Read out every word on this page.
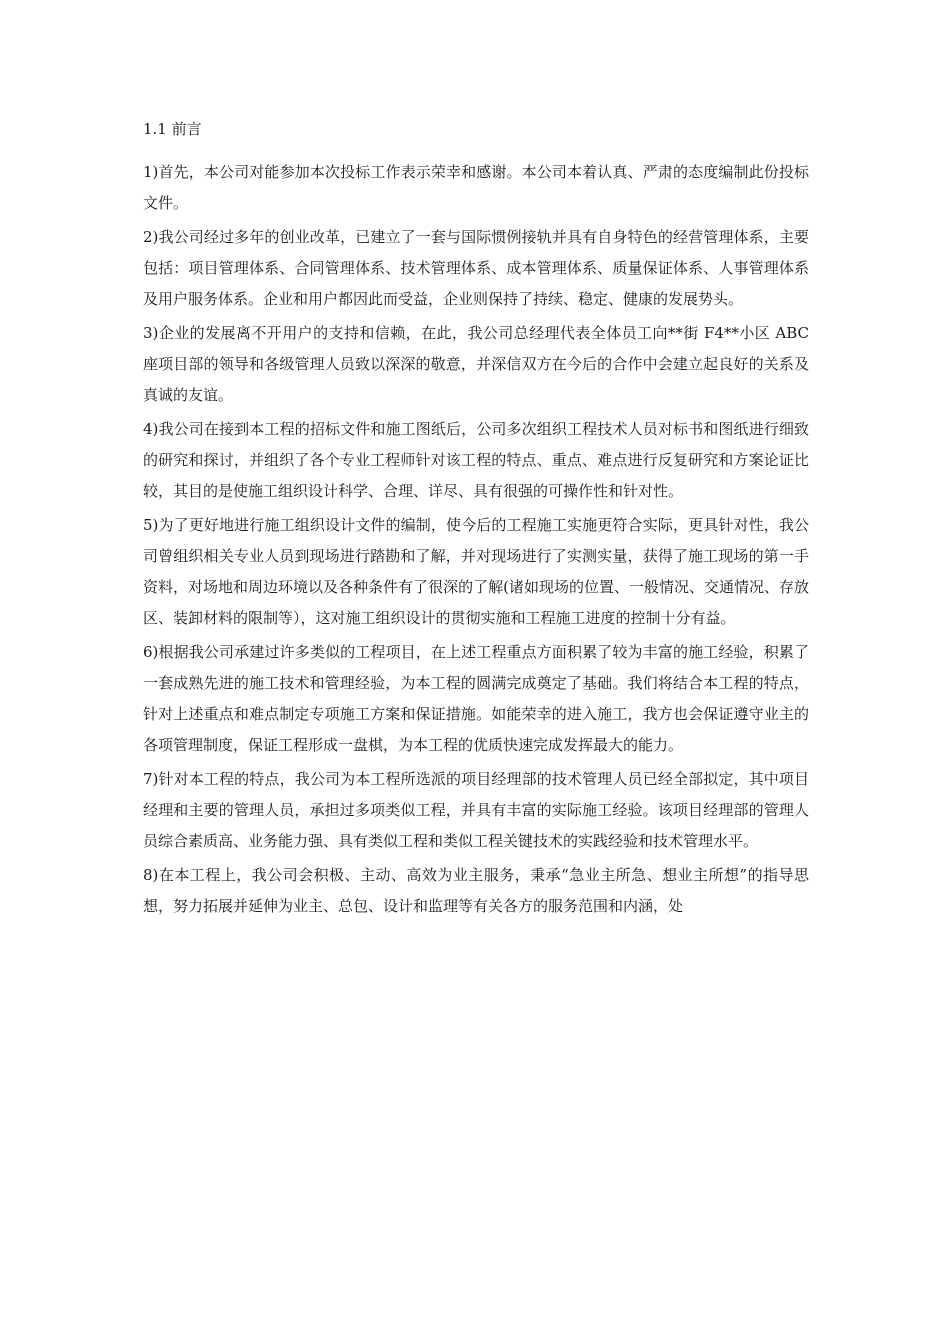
1.1 前言

1)首先，本公司对能参加本次投标工作表示荣幸和感谢。本公司本着认真、严肃的态度编制此份投标文件。

2)我公司经过多年的创业改革，已建立了一套与国际惯例接轨并具有自身特色的经营管理体系，主要包括：项目管理体系、合同管理体系、技术管理体系、成本管理体系、质量保证体系、人事管理体系及用户服务体系。企业和用户都因此而受益，企业则保持了持续、稳定、健康的发展势头。

3)企业的发展离不开用户的支持和信赖，在此，我公司总经理代表全体员工向**街 F4**小区 ABC 座项目部的领导和各级管理人员致以深深的敬意，并深信双方在今后的合作中会建立起良好的关系及真诚的友谊。

4)我公司在接到本工程的招标文件和施工图纸后，公司多次组织工程技术人员对标书和图纸进行细致的研究和探讨，并组织了各个专业工程师针对该工程的特点、重点、难点进行反复研究和方案论证比较，其目的是使施工组织设计科学、合理、详尽、具有很强的可操作性和针对性。

5)为了更好地进行施工组织设计文件的编制，使今后的工程施工实施更符合实际，更具针对性，我公司曾组织相关专业人员到现场进行踏勘和了解，并对现场进行了实测实量，获得了施工现场的第一手资料，对场地和周边环境以及各种条件有了很深的了解(诸如现场的位置、一般情况、交通情况、存放区、装卸材料的限制等），这对施工组织设计的贯彻实施和工程施工进度的控制十分有益。

6)根据我公司承建过许多类似的工程项目，在上述工程重点方面积累了较为丰富的施工经验，积累了一套成熟先进的施工技术和管理经验，为本工程的圆满完成奠定了基础。我们将结合本工程的特点，针对上述重点和难点制定专项施工方案和保证措施。如能荣幸的进入施工，我方也会保证遵守业主的各项管理制度，保证工程形成一盘棋，为本工程的优质快速完成发挥最大的能力。

7)针对本工程的特点，我公司为本工程所选派的项目经理部的技术管理人员已经全部拟定，其中项目经理和主要的管理人员，承担过多项类似工程，并具有丰富的实际施工经验。该项目经理部的管理人员综合素质高、业务能力强、具有类似工程和类似工程关键技术的实践经验和技术管理水平。

8)在本工程上，我公司会积极、主动、高效为业主服务，秉承“急业主所急、想业主所想”的指导思想，努力拓展并延伸为业主、总包、设计和监理等有关各方的服务范围和内涵，处
